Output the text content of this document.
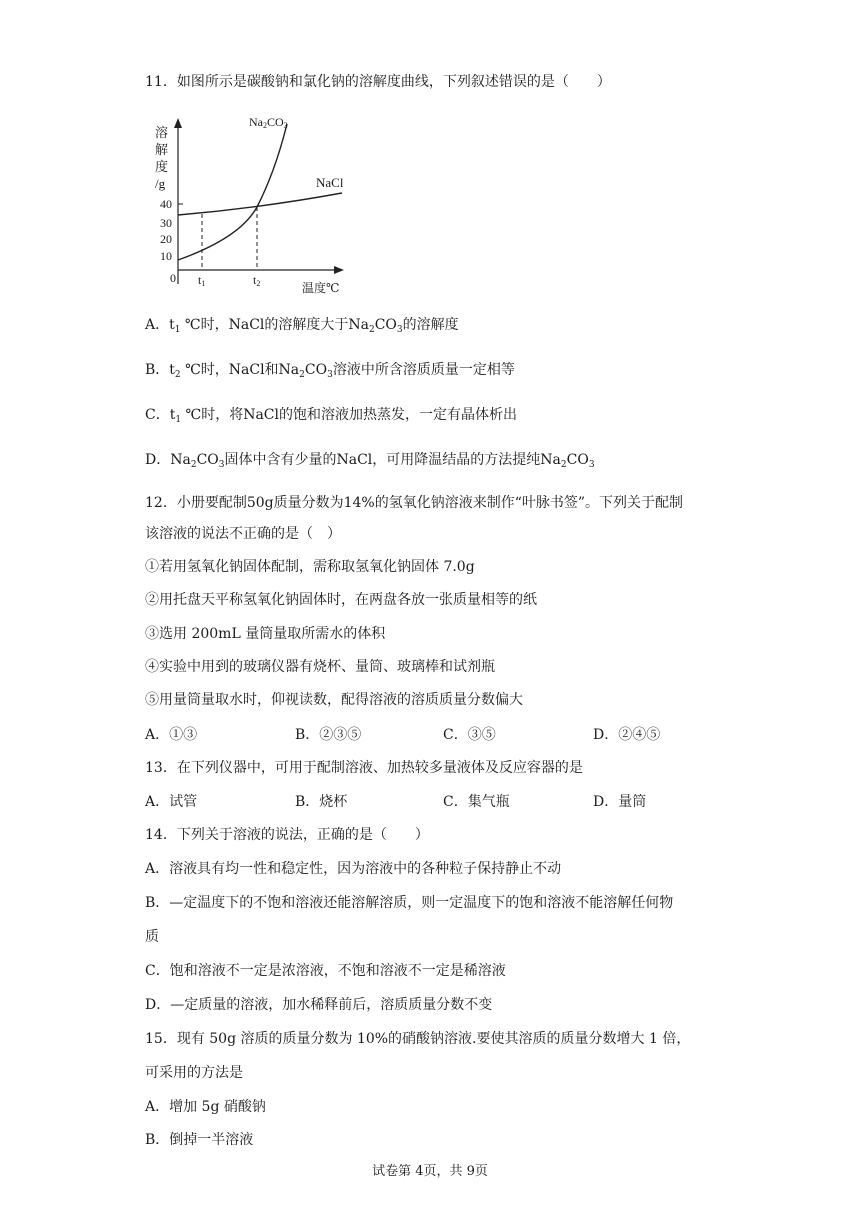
11．如图所示是碳酸钠和氯化钠的溶解度曲线，下列叙述错误的是（　　）
溶
解
度
/g
40
30
20
10
0 t1	t2	温度℃
Na2CO3
NaCl
A．$t_1$ ℃时，NaCl的溶解度大于$Na_2CO_3$的溶解度
B．$t_2$ ℃时，NaCl和$Na_2CO_3$溶液中所含溶质质量一定相等
C．$t_1$ ℃时，将NaCl的饱和溶液加热蒸发，一定有晶体析出
D．$Na_2CO_3$固体中含有少量的NaCl，可用降温结晶的方法提纯$Na_2CO_3$
12．小册要配制50g质量分数为14%的氢氧化钠溶液来制作“叶脉书签”。下列关于配制
该溶液的说法不正确的是（　）
①若用氢氧化钠固体配制，需称取氢氧化钠固体 7.0g
②用托盘天平称氢氧化钠固体时，在两盘各放一张质量相等的纸
③选用 200mL 量筒量取所需水的体积
④实验中用到的玻璃仪器有烧杯、量筒、玻璃棒和试剂瓶
⑤用量筒量取水时，仰视读数，配得溶液的溶质质量分数偏大
A．①③	B．②③⑤	C．③⑤	D．②④⑤
13．在下列仪器中，可用于配制溶液、加热较多量液体及反应容器的是
A．试管	B．烧杯	C．集气瓶	D．量筒
14．下列关于溶液的说法，正确的是（　　）
A．溶液具有均一性和稳定性，因为溶液中的各种粒子保持静止不动
B．—定温度下的不饱和溶液还能溶解溶质，则一定温度下的饱和溶液不能溶解任何物
质
C．饱和溶液不一定是浓溶液，不饱和溶液不一定是稀溶液
D．—定质量的溶液，加水稀释前后，溶质质量分数不变
15．现有 50g 溶质的质量分数为 10%的硝酸钠溶液.要使其溶质的质量分数增大 1 倍，
可采用的方法是
A．增加 5g 硝酸钠
B．倒掉一半溶液
试卷第 4页，共 9页
